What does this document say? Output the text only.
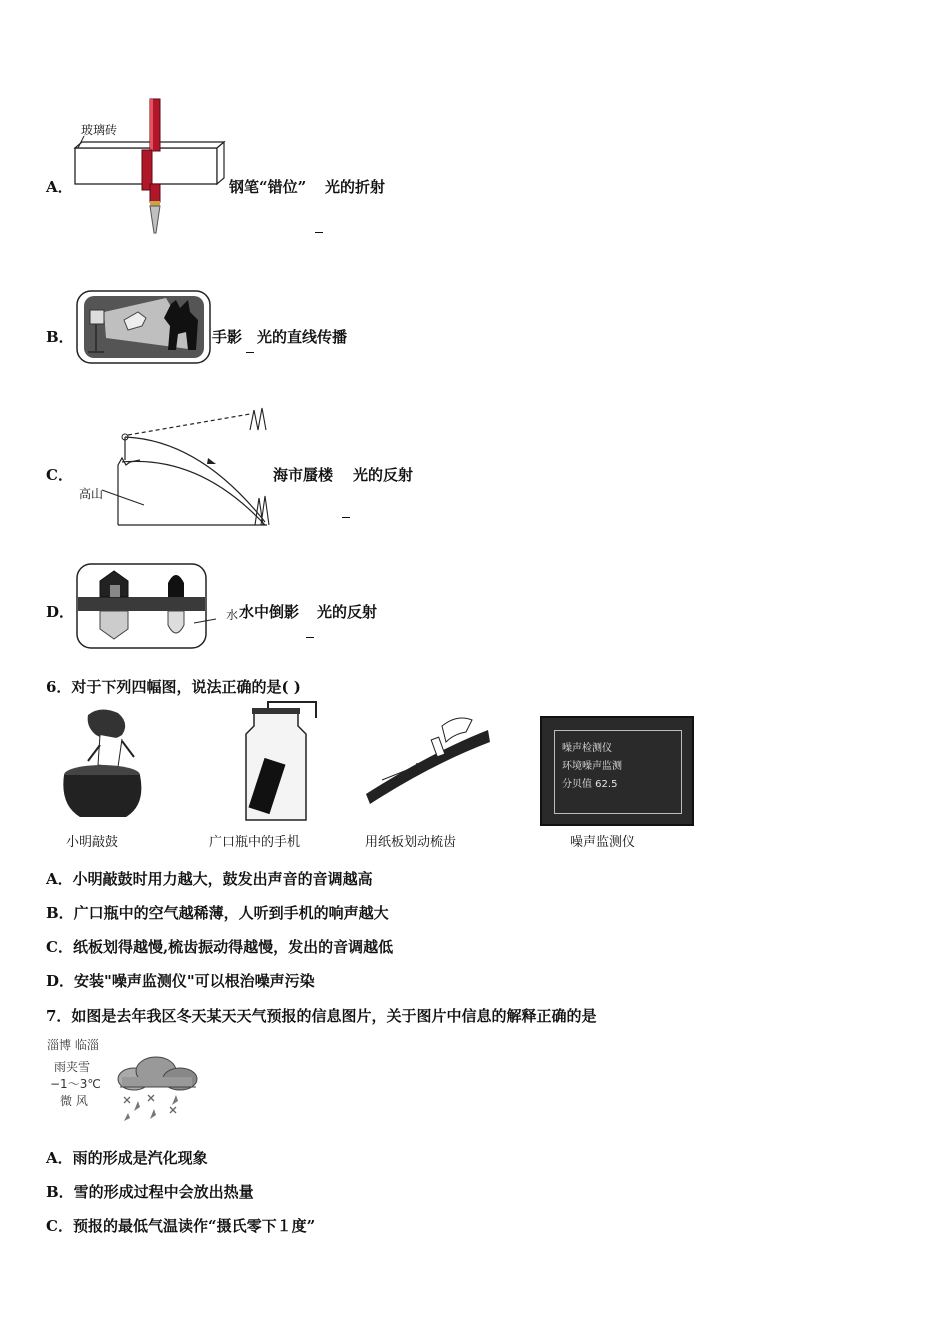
A．
玻璃砖
钢笔“错位” 光的折射
B．	手影 光的直线传播
C．
高山
海市蜃楼 光的反射
D．	水 水中倒影 光的反射
6．对于下列四幅图，说法正确的是( )
小明敲鼓	广口瓶中的手机	用纸板划动梳齿
噪声检测仪
环境噪声监测
分贝值 62.5
噪声监测仪
A．小明敲鼓时用力越大，鼓发出声音的音调越高
B．广口瓶中的空气越稀薄，人听到手机的响声越大
C．纸板划得越慢,梳齿振动得越慢，发出的音调越低
D．安装"噪声监测仪"可以根治噪声污染
7．如图是去年我区冬天某天天气预报的信息图片，关于图片中信息的解释正确的是
淄博 临淄
雨夹雪
−1～3℃
微 风
A．雨的形成是汽化现象
B．雪的形成过程中会放出热量
C．预报的最低气温读作“摄氏零下１度”
